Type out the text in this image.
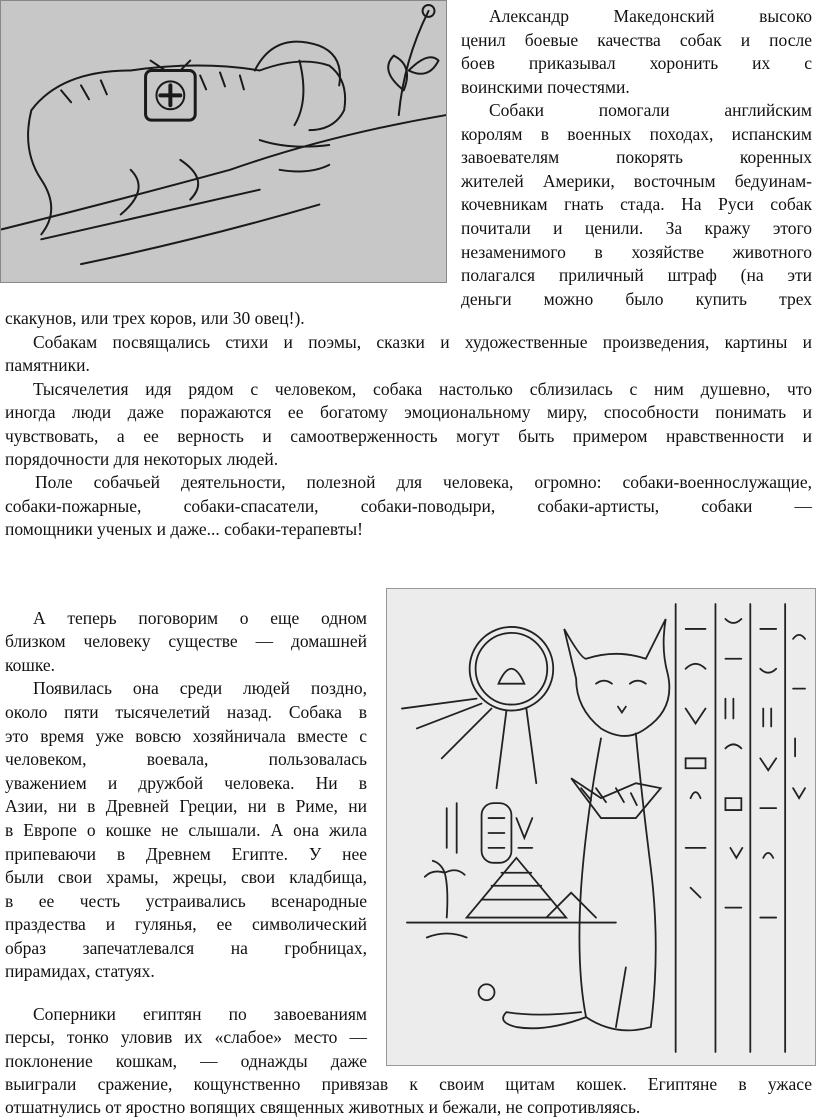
Александр Македонский высоко
ценил боевые качества собак и после
боев приказывал хоронить их с
воинскими почестями.
Собаки помогали английским
королям в военных походах, испанским
завоевателям покорять коренных
жителей Америки, восточным бедуинам-
кочевникам гнать стада. На Руси собак
почитали и ценили. За кражу этого
незаменимого в хозяйстве животного
полагался приличный штраф (на эти
деньги можно было купить трех
скакунов, или трех коров, или 30 овец!).
Собакам посвящались стихи и поэмы, сказки и художественные произведения, картины и
памятники.
Тысячелетия идя рядом с человеком, собака настолько сблизилась с ним душевно, что
иногда люди даже поражаются ее богатому эмоциональному миру, способности понимать и
чувствовать, а ее верность и самоотверженность могут быть примером нравственности и
порядочности для некоторых людей.
Поле собачьей деятельности, полезной для человека, огромно: собаки-военнослужащие,
собаки-пожарные, собаки-спасатели, собаки-поводыри, собаки-артисты, собаки —
помощники ученых и даже... собаки-терапевты!
А теперь поговорим о еще одном
близком человеку существе — домашней
кошке.
Появилась она среди людей поздно,
около пяти тысячелетий назад. Собака в
это время уже вовсю хозяйничала вместе с
человеком, воевала, пользовалась
уважением и дружбой человека. Ни в
Азии, ни в Древней Греции, ни в Риме, ни
в Европе о кошке не слышали. А она жила
припеваючи в Древнем Египте. У нее
были свои храмы, жрецы, свои кладбища,
в ее честь устраивались всенародные
праздества и гулянья, ее символический
образ запечатлевался на гробницах,
пирамидах, статуях.
Соперники египтян по завоеваниям
персы, тонко уловив их «слабое» место —
поклонение кошкам, — однажды даже
выиграли сражение, кощунственно привязав к своим щитам кошек. Египтяне в ужасе
отшатнулись от яростно вопящих священных животных и бежали, не сопротивляясь.
